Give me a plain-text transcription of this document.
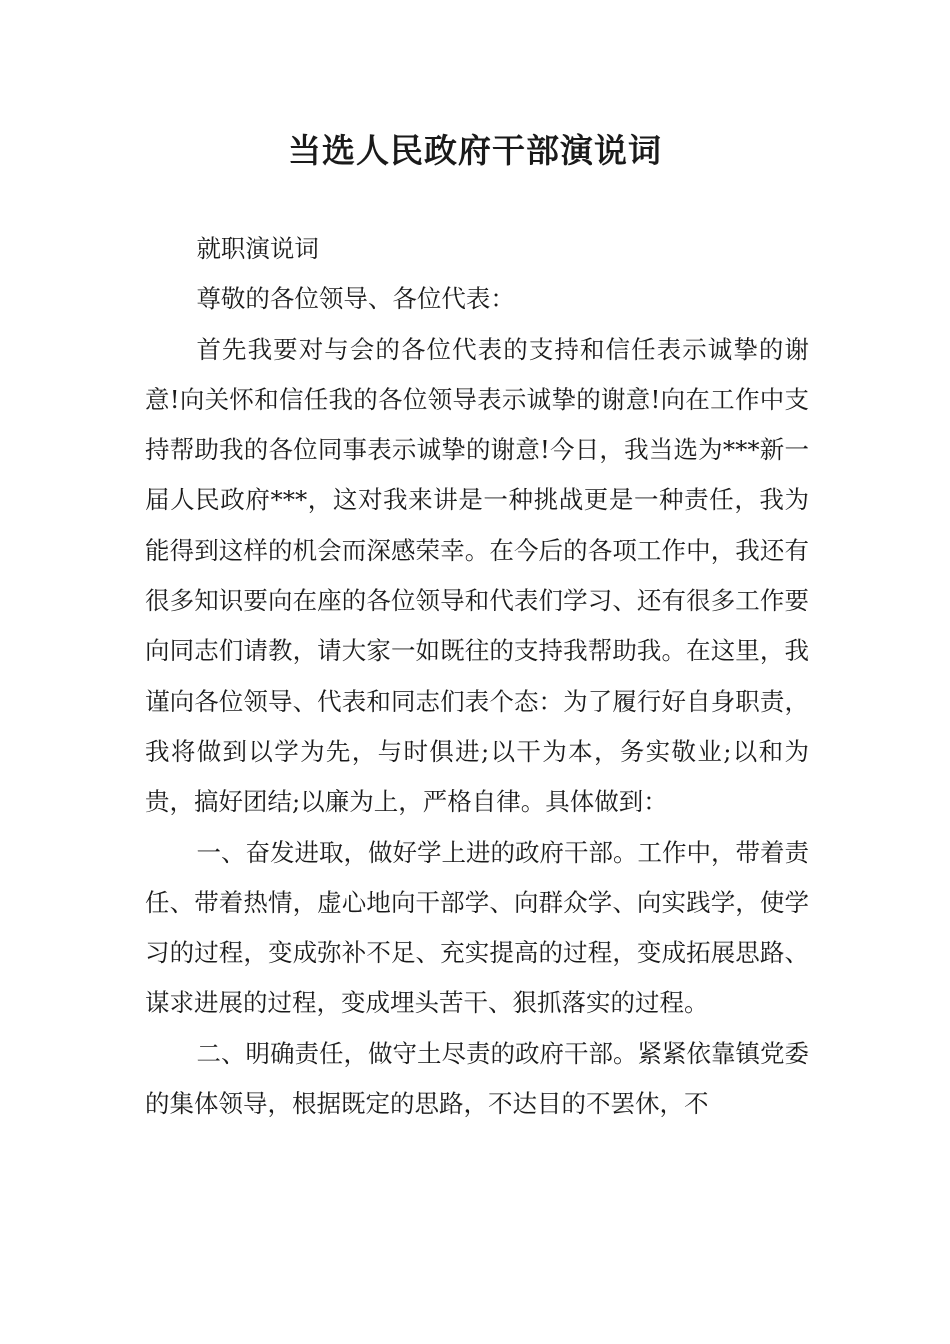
当选人民政府干部演说词

就职演说词

尊敬的各位领导、各位代表：

首先我要对与会的各位代表的支持和信任表示诚挚的谢意!向关怀和信任我的各位领导表示诚挚的谢意!向在工作中支持帮助我的各位同事表示诚挚的谢意!今日，我当选为***新一届人民政府***，这对我来讲是一种挑战更是一种责任，我为能得到这样的机会而深感荣幸。在今后的各项工作中，我还有很多知识要向在座的各位领导和代表们学习、还有很多工作要向同志们请教，请大家一如既往的支持我帮助我。在这里，我谨向各位领导、代表和同志们表个态：为了履行好自身职责，我将做到以学为先，与时俱进;以干为本，务实敬业;以和为贵，搞好团结;以廉为上，严格自律。具体做到：

一、奋发进取，做好学上进的政府干部。工作中，带着责任、带着热情，虚心地向干部学、向群众学、向实践学，使学习的过程，变成弥补不足、充实提高的过程，变成拓展思路、谋求进展的过程，变成埋头苦干、狠抓落实的过程。

二、明确责任，做守土尽责的政府干部。紧紧依靠镇党委的集体领导，根据既定的思路，不达目的不罢休，不
